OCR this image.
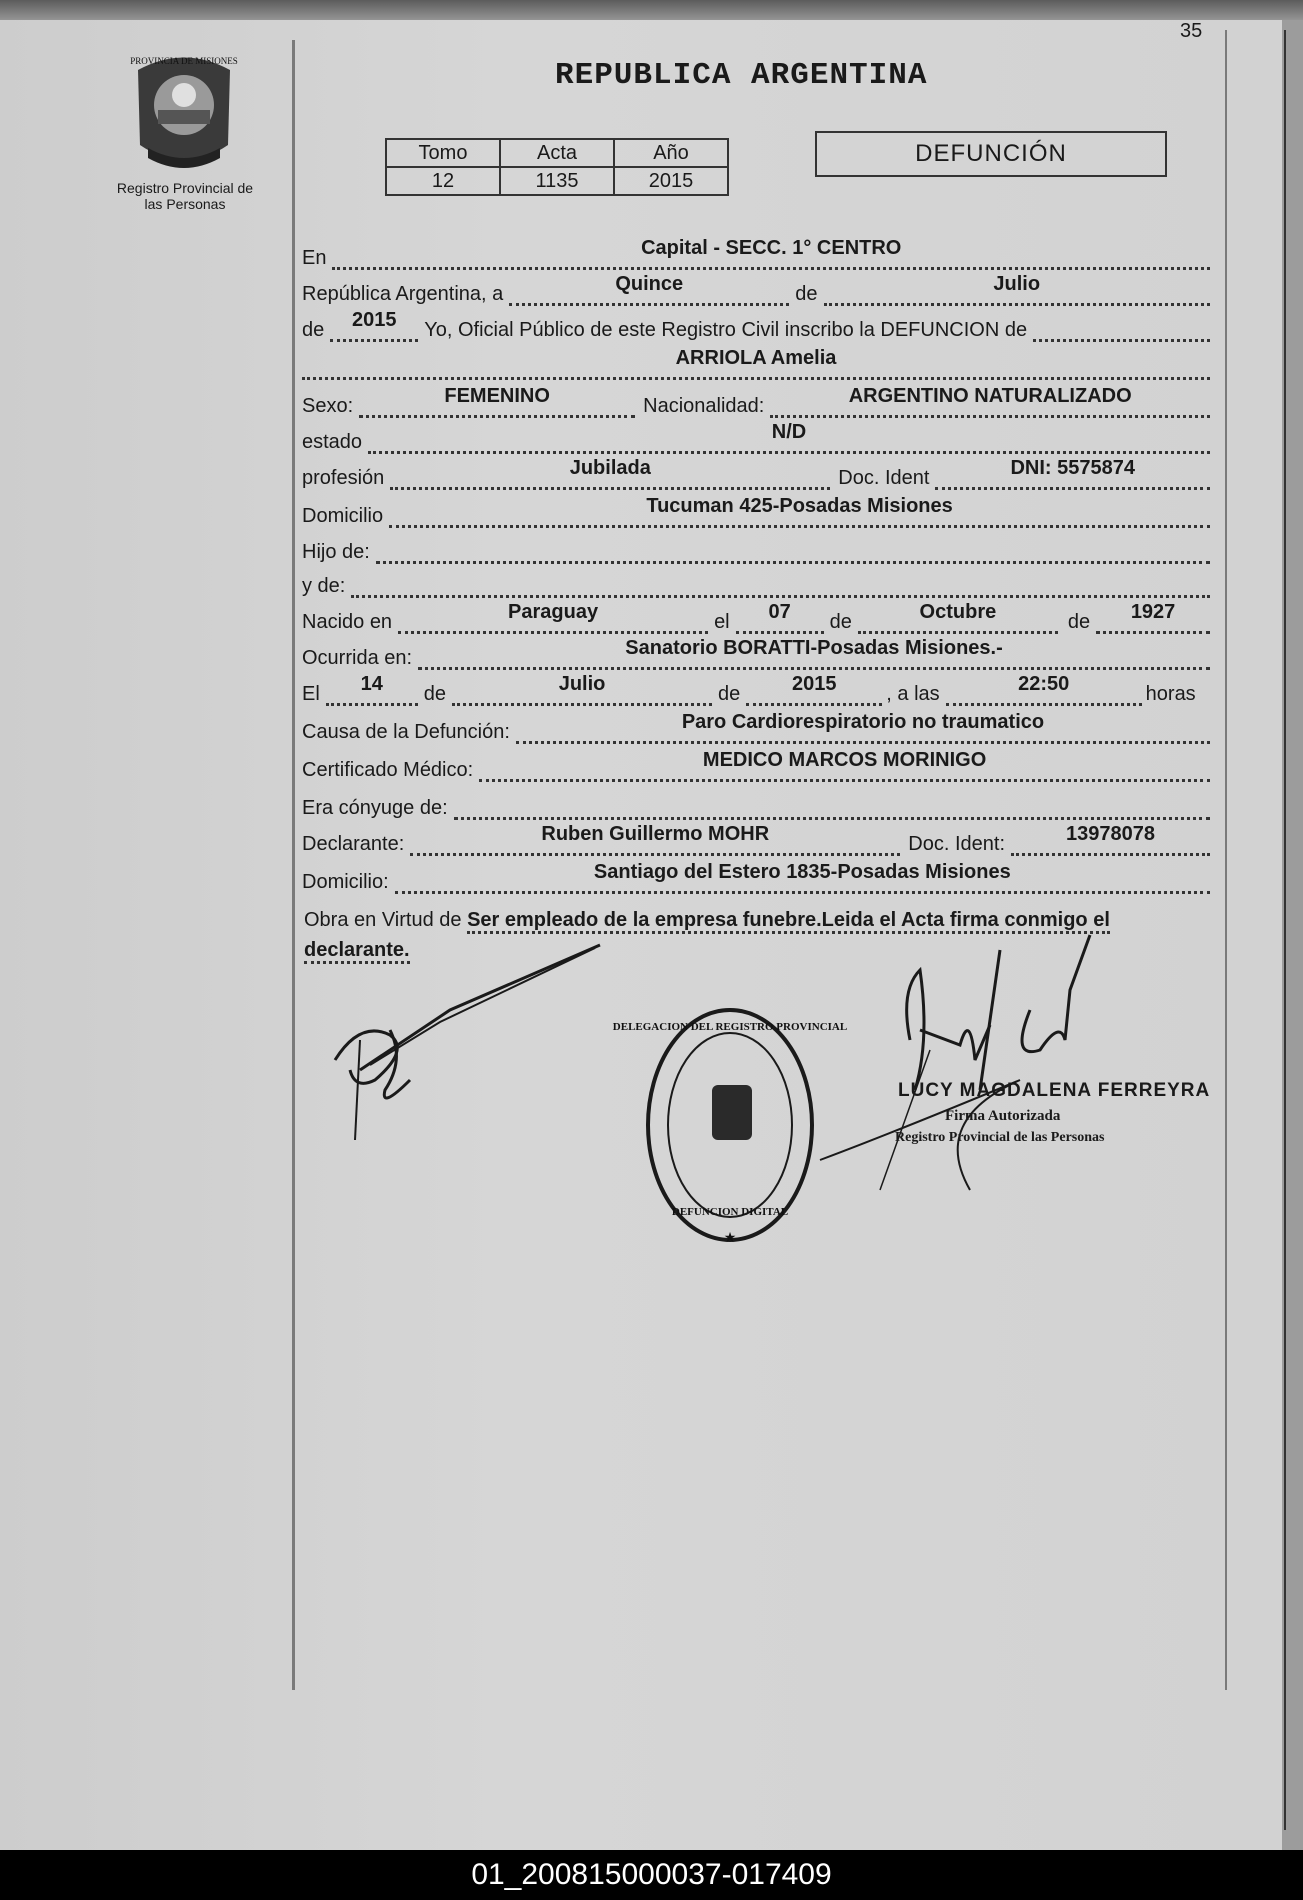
35
PROVINCIA DE MISIONES
Registro Provincial de
las Personas
REPUBLICA ARGENTINA
Tomo	Acta	Año
12	1135	2015
DEFUNCIÓN
En	Capital - SECC. 1° CENTRO
República Argentina, a	Quince	de	Julio
de	2015	Yo, Oficial Público de este Registro Civil inscribo la DEFUNCION de
ARRIOLA Amelia
Sexo:	FEMENINO	Nacionalidad:	ARGENTINO NATURALIZADO
estado	N/D
profesión	Jubilada	Doc. Ident	DNI: 5575874
Domicilio	Tucuman 425-Posadas Misiones
Hijo de:
y de:
Nacido en	Paraguay	el	07	de	Octubre	de	1927
Ocurrida en:	Sanatorio BORATTI-Posadas Misiones.-
El	14	de	Julio	de	2015	, a las	22:50	horas
Causa de la Defunción:	Paro Cardiorespiratorio no traumatico
Certificado Médico:	MEDICO MARCOS MORINIGO
Era cónyuge de:
Declarante:	Ruben Guillermo MOHR	Doc. Ident:	13978078
Domicilio:	Santiago del Estero 1835-Posadas Misiones
Obra en Virtud de Ser empleado de la empresa funebre.Leida el Acta firma conmigo el declarante.
DELEGACION DEL REGISTRO PROVINCIAL
DEFUNCION DIGITAL
★
LUCY MAGDALENA FERREYRA
Firma Autorizada
Registro Provincial de las Personas
01_200815000037-017409
